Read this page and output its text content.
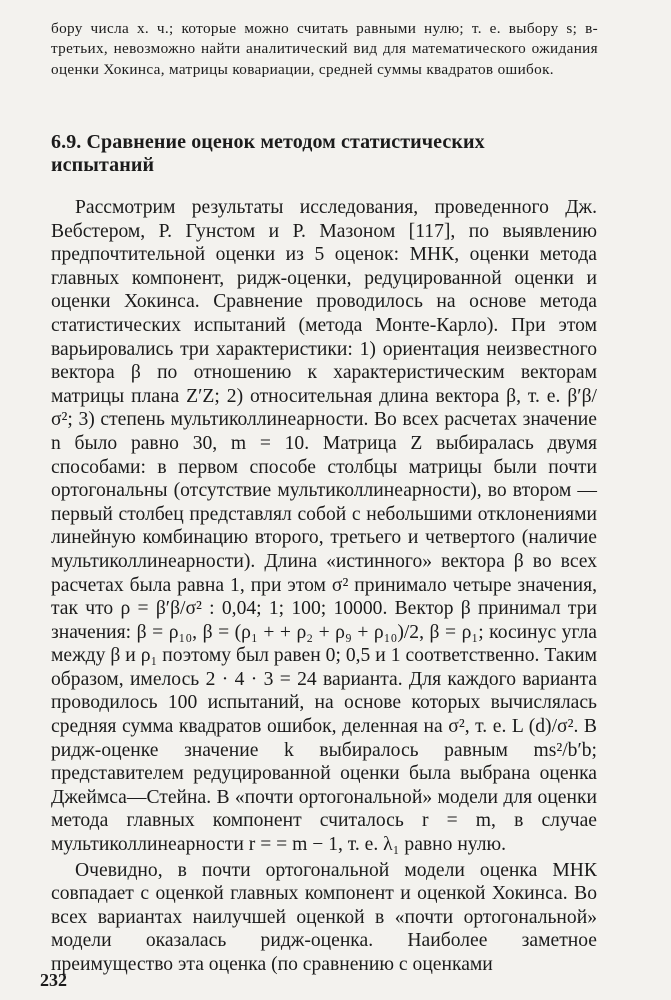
бору числа х. ч.; которые можно считать равными нулю; т. е. выбору s; в-третьих, невозможно найти аналитический вид для математического ожидания оценки Хокинса, матрицы ковариации, средней суммы квадратов ошибок.
6.9. Сравнение оценок методом статистических испытаний

Рассмотрим результаты исследования, проведенного Дж. Вебстером, Р. Гунстом и Р. Мазоном [117], по выявлению предпочтительной оценки из 5 оценок: МНК, оценки метода главных компонент, ридж-оценки, редуцированной оценки и оценки Хокинса. Сравнение проводилось на основе метода статистических испытаний (метода Монте-Карло). При этом варьировались три характеристики: 1) ориентация неизвестного вектора β по отношению к характеристическим векторам матрицы плана Z′Z; 2) относительная длина вектора β, т. е. β′β/σ²; 3) степень мультиколлинеарности. Во всех расчетах значение n было равно 30, m = 10. Матрица Z выбиралась двумя способами: в первом способе столбцы матрицы были почти ортогональны (отсутствие мультиколлинеарности), во втором — первый столбец представлял собой с небольшими отклонениями линейную комбинацию второго, третьего и четвертого (наличие мультиколлинеарности). Длина «истинного» вектора β во всех расчетах была равна 1, при этом σ² принимало четыре значения, так что ρ = β′β/σ² : 0,04; 1; 100; 10000. Вектор β принимал три значения: β = ρ₁₀, β = (ρ₁ + + ρ₂ + ρ₉ + ρ₁₀)/2, β = ρ₁; косинус угла между β и ρ₁ поэтому был равен 0; 0,5 и 1 соответственно. Таким образом, имелось 2 · 4 · 3 = 24 варианта. Для каждого варианта проводилось 100 испытаний, на основе которых вычислялась средняя сумма квадратов ошибок, деленная на σ², т. е. L (d)/σ². В ридж-оценке значение k выбиралось равным ms²/b′b; представителем редуцированной оценки была выбрана оценка Джеймса—Стейна. В «почти ортогональной» модели для оценки метода главных компонент считалось r = m, в случае мультиколлинеарности r = = m − 1, т. е. λ₁ равно нулю.

Очевидно, в почти ортогональной модели оценка МНК совпадает с оценкой главных компонент и оценкой Хокинса. Во всех вариантах наилучшей оценкой в «почти ортогональной» модели оказалась ридж-оценка. Наиболее заметное преимущество эта оценка (по сравнению с оценками

232
